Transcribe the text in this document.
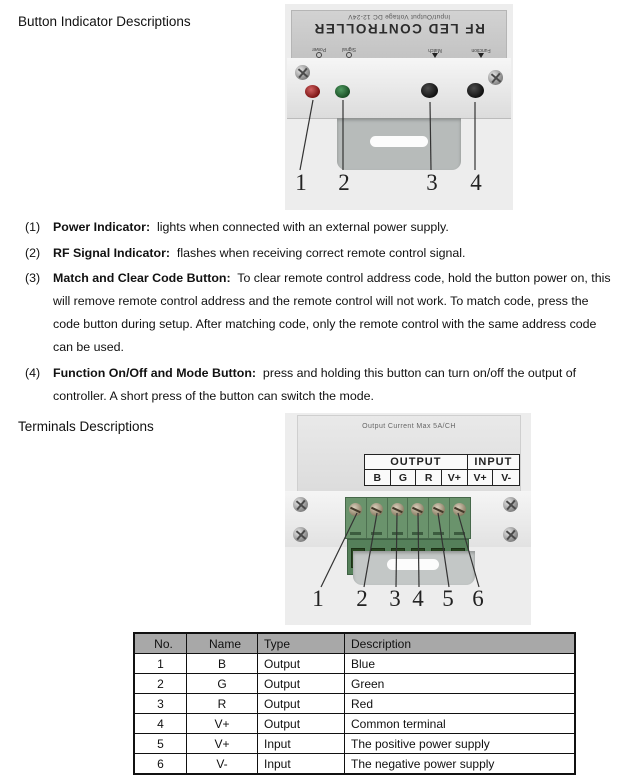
Button Indicator Descriptions	Input/Output Voltage DC 12-24V
RF LED CONTROLLER
Power	Signal	Match	Function
1 2	3 4
(1) Power Indicator: lights when connected with an external power supply.
(2) RF Signal Indicator: flashes when receiving correct remote control signal.
(3) Match and Clear Code Button: To clear remote control address code, hold the button power on, this will remove remote control address and the remote control will not work. To match code, press the code button during setup. After matching code, only the remote control with the same address code can be used.
(4) Function On/Off and Mode Button: press and holding this button can turn on/off the output of controller. A short press of the button can switch the mode.
Terminals Descriptions	Output Current Max 5A/CH
OUTPUT	INPUT
B	G	R	V+	V+	V-
1 2 3 4 5 6
No.	Name	Type	Description
1	B	Output	Blue
2	G	Output	Green
3	R	Output	Red
4	V+	Output	Common terminal
5	V+	Input	The positive power supply
6	V-	Input	The negative power supply
